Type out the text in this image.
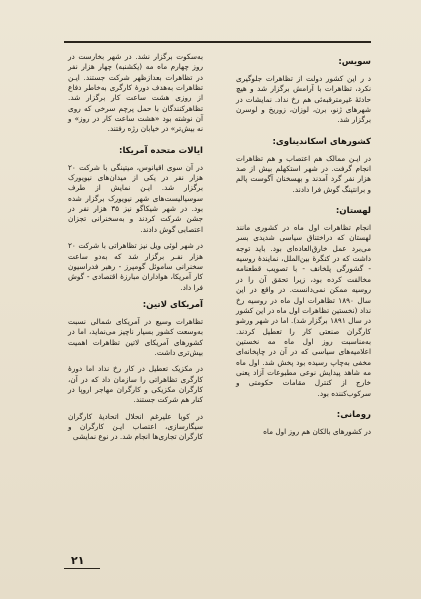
سویس:

د ر این کشور دولت از تظاهرات جلوگیری نکرد، تظاهرات با آرامش برگزار شد و هیچ حادثهٔ غیرمترقبه‌ئی هم رخ نداد. نمایشات در شهرهای ژنو، برن، لوزان، زوریخ و لوسرن برگزار شد.

کشورهای اسکاندیناوی:

در ایـن ممالک هم اعتصاب و هم تظاهرات انجام گرفت. در شهر استکهلم بیش از صد هزار نفر گرد آمدند و بهسخنان آگوست پالم و برانتینگ گوش فرا دادند.

لهستان:

انجام تظاهرات اول ماه در کشوری مانند لهستان که دراختناق سیاسی شدیدی بسر می‌برد عمل خارق‌العاده‌ای بود. باید توجه داشت که در کنگرهٔ بین‌الملل، نمایندهٔ روسیه - گشورگی پلخانف - با تصویب قطعنامه مخالفت کرده بود، زیرا تحقق آن را در روسیه ممکن نمی‌دانست. در واقع در این سال ۱۸۹۰ تظاهرات اول ماه در روسیه رخ نداد (نخستین تظاهرات اول ماه در این کشور در سال ۱۸۹۱ برگزار شد). اما در شهر ورشو کارگران صنعتی کار را تعطیل کردند. به‌مناسبت روز اول ماه مه نخستین اعلامیه‌های سیاسی که در آن در چاپخانه‌ای مخفی به‌چاپ رسیده بود پخش شد. اول ماه مه شاهد پیدایش نوعی مطبوعات آزاد یعنی خارج از کنترل مقامات حکومتی و سرکوب‌کننده بود.

رومانی:

در کشورهای بالکان هم روز اول ماه

به‌سکوت برگزار نشد. در شهر بخارست در روز چهارم ماه مه (یکشنبه) چهار هزار نفر در تظاهرات بعدازظهر شرکت جستند. ایـن تظاهرات به‌هدف دورهٔ کارگری به‌خاطر دفاع از روزی هشت ساعت کار برگزار شد. تظاهرکنندگان با حمل پرچم سرخی که روی آن نوشته بود «هشت ساعت کار در روز» و نه بیش‌تر» در خیابان رژه رفتند.

ایالات متحده آمریکا:

در آن سوی اقیانوس، میتینگی با شرکت ۲۰ هزار نفر در یکی از میدان‌های نیویورک برگزار شد. ایـن نمایش از طرف سوسیالیست‌های شهر نیویورک برگزار شده بود. در شهر شیکاگو نیز ۳۵ هزار نفر در جشن شرکت کردند و به‌سخنرانی تجزان اعتصابی گوش دادند.

در شهر لوئی ویل نیز تظاهراتی با شرکت ۲۰ هزار نفـر برگزار شد که به‌دو ساعت سخنرانی ساموئل گومپرز - رهبر فدراسیون کار آمریکا، هواداران مبارزهٔ اقتصادی - گوش فرا داد.

آمریکای لاتین:

تظاهرات وسیع در آمریکای شمالی نسبت به‌وسعت کشور بسیار ناچیز می‌نماید، اما در کشورهای آمریکای لاتین تظاهرات اهمیت بیش‌تری داشت.

در مکزیک تعطیل در کار رخ نداد اما دورهٔ کارگری تظاهراتی را سازمان داد که در آن، کارگران مکزیکی و کارگران مهاجر اروپا در کنار هم شرکت جستند.

در کوبا علیرغم انحلال اتحادیهٔ کارگران سیگارسازی، اعتصاب ایـن کارگران و کارگران تجاری‌ها انجام شد. در نوع نمایشی

۲۱
